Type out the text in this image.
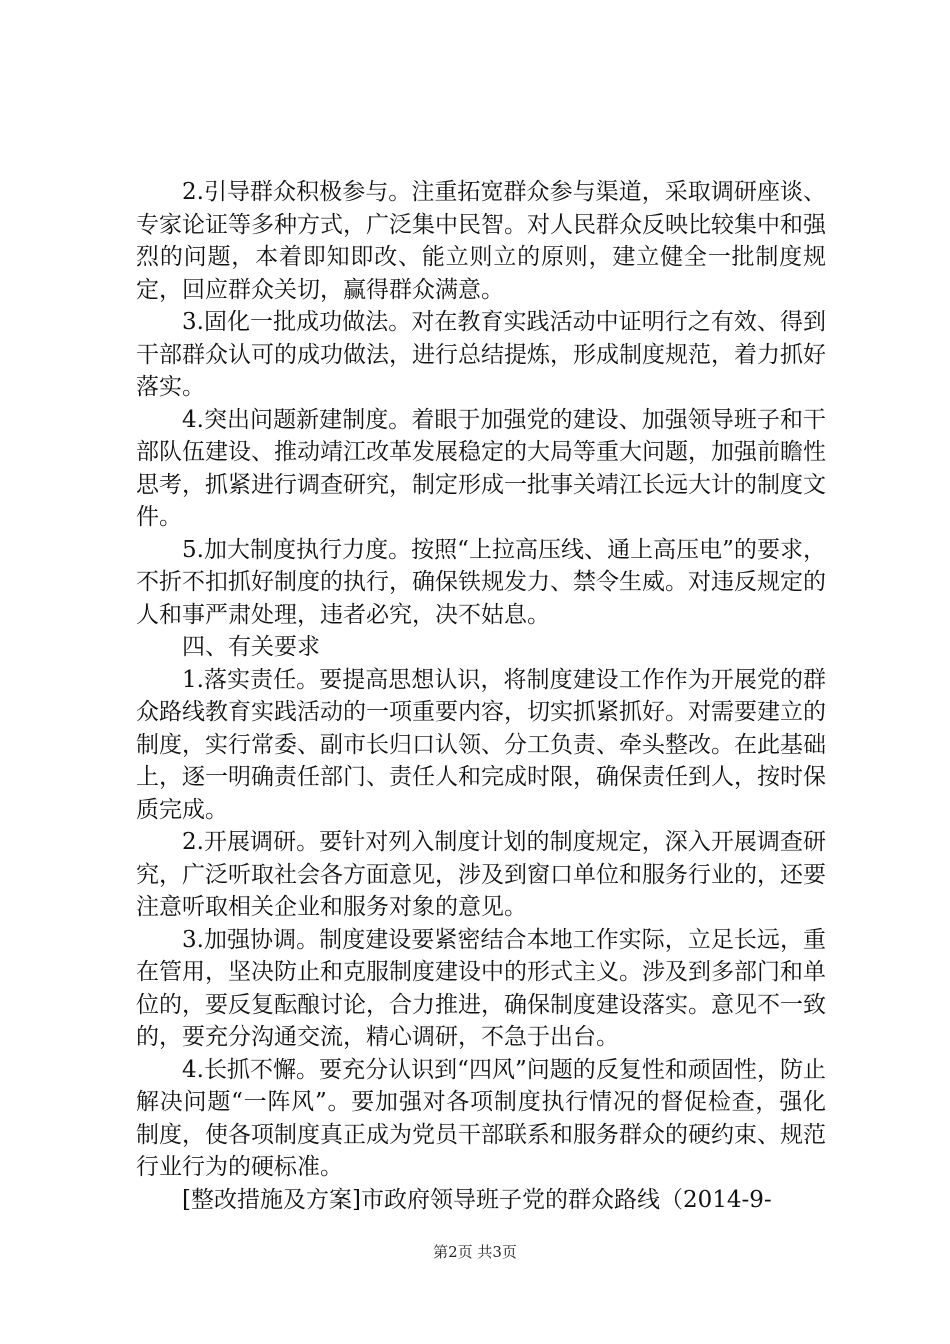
2.引导群众积极参与。注重拓宽群众参与渠道，采取调研座谈、专家论证等多种方式，广泛集中民智。对人民群众反映比较集中和强烈的问题，本着即知即改、能立则立的原则，建立健全一批制度规定，回应群众关切，赢得群众满意。

3.固化一批成功做法。对在教育实践活动中证明行之有效、得到干部群众认可的成功做法，进行总结提炼，形成制度规范，着力抓好落实。

4.突出问题新建制度。着眼于加强党的建设、加强领导班子和干部队伍建设、推动靖江改革发展稳定的大局等重大问题，加强前瞻性思考，抓紧进行调查研究，制定形成一批事关靖江长远大计的制度文件。

5.加大制度执行力度。按照“上拉高压线、通上高压电”的要求，不折不扣抓好制度的执行，确保铁规发力、禁令生威。对违反规定的人和事严肃处理，违者必究，决不姑息。

四、有关要求

1.落实责任。要提高思想认识，将制度建设工作作为开展党的群众路线教育实践活动的一项重要内容，切实抓紧抓好。对需要建立的制度，实行常委、副市长归口认领、分工负责、牵头整改。在此基础上，逐一明确责任部门、责任人和完成时限，确保责任到人，按时保质完成。

2.开展调研。要针对列入制度计划的制度规定，深入开展调查研究，广泛听取社会各方面意见，涉及到窗口单位和服务行业的，还要注意听取相关企业和服务对象的意见。

3.加强协调。制度建设要紧密结合本地工作实际，立足长远，重在管用，坚决防止和克服制度建设中的形式主义。涉及到多部门和单位的，要反复酝酿讨论，合力推进，确保制度建设落实。意见不一致的，要充分沟通交流，精心调研，不急于出台。

4.长抓不懈。要充分认识到“四风”问题的反复性和顽固性，防止解决问题“一阵风”。要加强对各项制度执行情况的督促检查，强化制度，使各项制度真正成为党员干部联系和服务群众的硬约束、规范行业行为的硬标准。

[整改措施及方案]市政府领导班子党的群众路线（2014-9-

第2页 共3页
